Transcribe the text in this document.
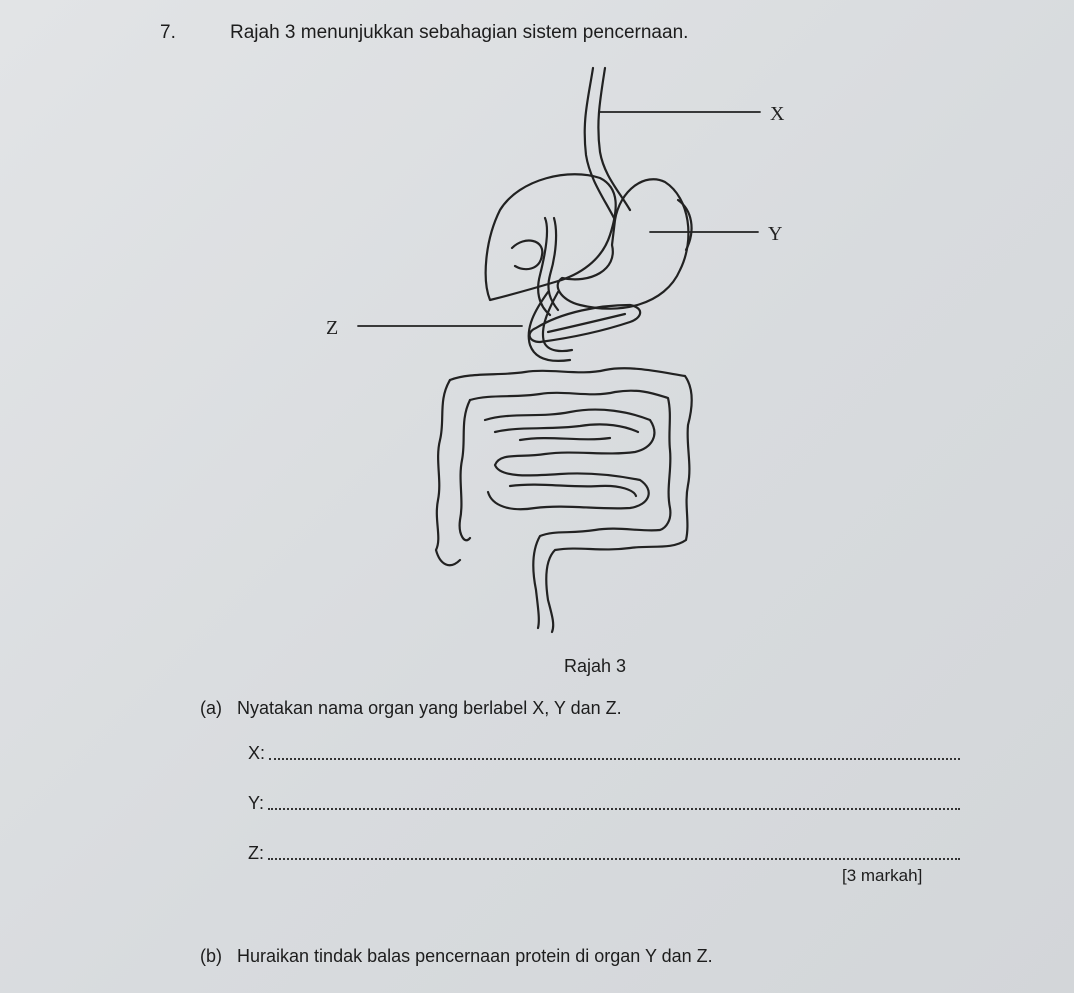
7.	Rajah 3 menunjukkan sebahagian sistem pencernaan.
X
Y
Z
Rajah 3
(a) Nyatakan nama organ yang berlabel X, Y dan Z.
X:
Y:
Z:
[3 markah]
(b) Huraikan tindak balas pencernaan protein di organ Y dan Z.
